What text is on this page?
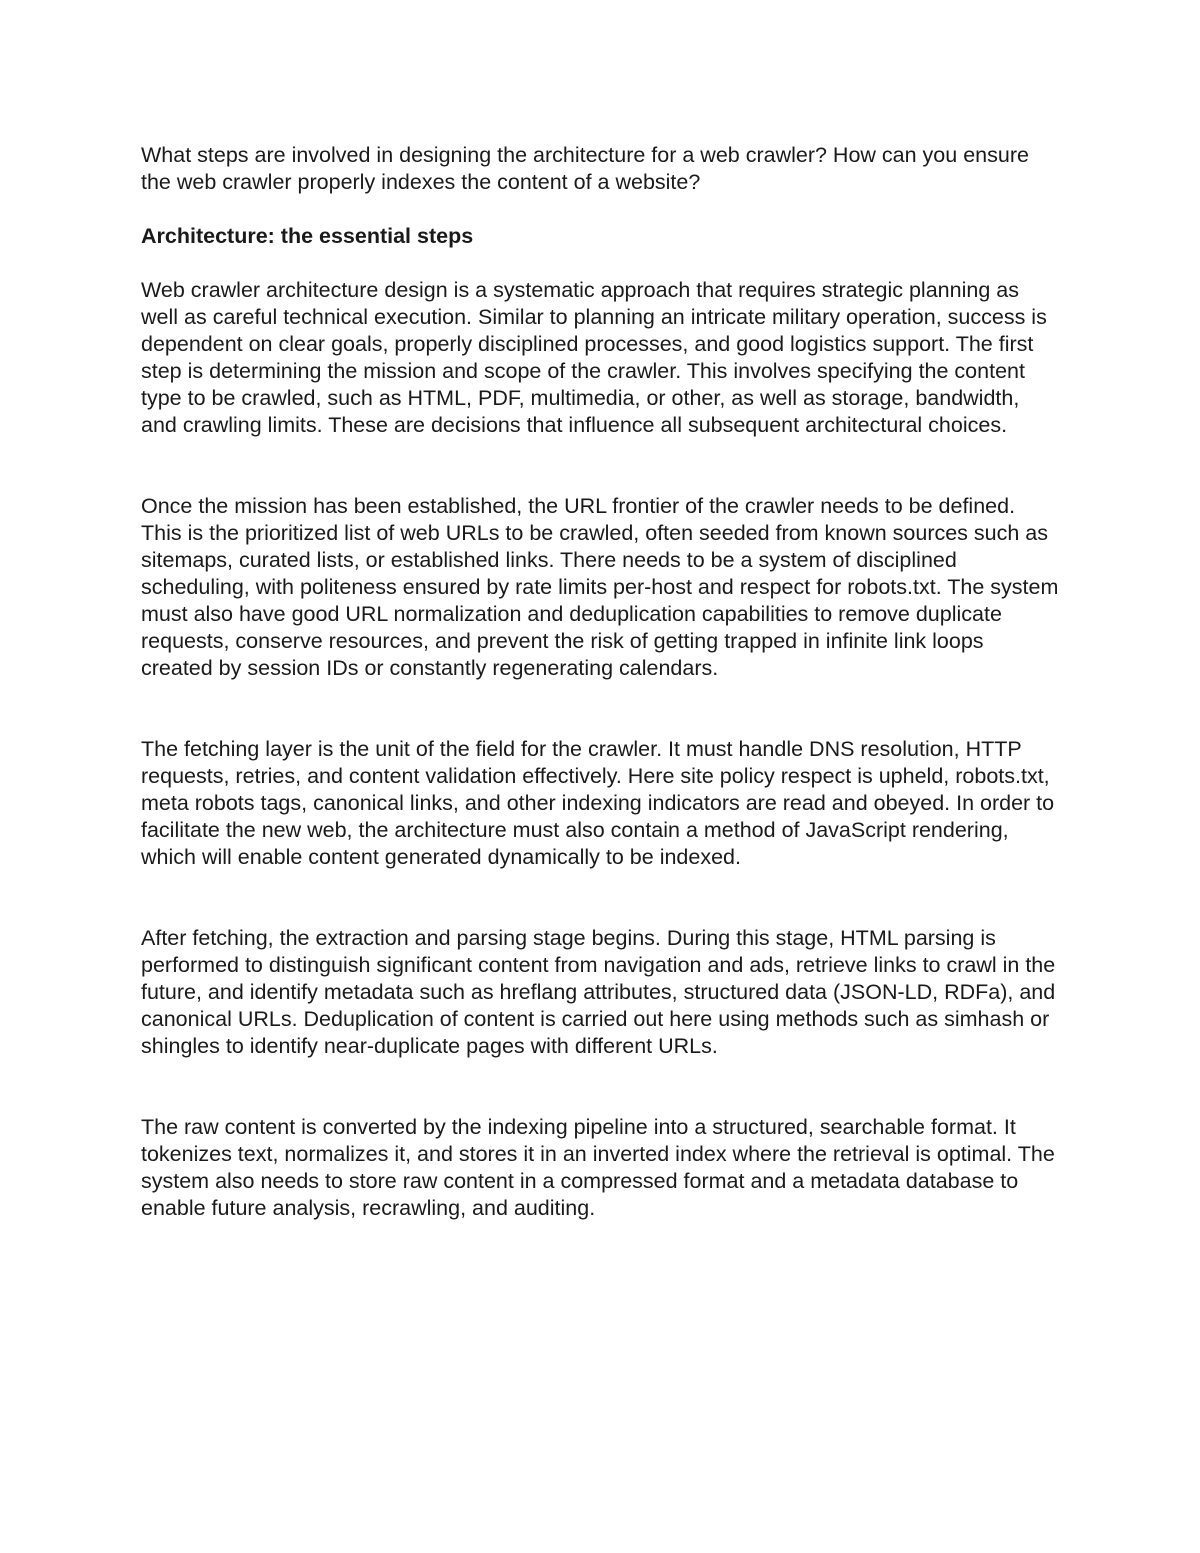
What steps are involved in designing the architecture for a web crawler? How can you ensure the web crawler properly indexes the content of a website?

Architecture: the essential steps

Web crawler architecture design is a systematic approach that requires strategic planning as well as careful technical execution. Similar to planning an intricate military operation, success is dependent on clear goals, properly disciplined processes, and good logistics support. The first step is determining the mission and scope of the crawler. This involves specifying the content type to be crawled, such as HTML, PDF, multimedia, or other, as well as storage, bandwidth, and crawling limits. These are decisions that influence all subsequent architectural choices.

Once the mission has been established, the URL frontier of the crawler needs to be defined. This is the prioritized list of web URLs to be crawled, often seeded from known sources such as sitemaps, curated lists, or established links. There needs to be a system of disciplined scheduling, with politeness ensured by rate limits per-host and respect for robots.txt. The system must also have good URL normalization and deduplication capabilities to remove duplicate requests, conserve resources, and prevent the risk of getting trapped in infinite link loops created by session IDs or constantly regenerating calendars.

The fetching layer is the unit of the field for the crawler. It must handle DNS resolution, HTTP requests, retries, and content validation effectively. Here site policy respect is upheld, robots.txt, meta robots tags, canonical links, and other indexing indicators are read and obeyed. In order to facilitate the new web, the architecture must also contain a method of JavaScript rendering, which will enable content generated dynamically to be indexed.

After fetching, the extraction and parsing stage begins. During this stage, HTML parsing is performed to distinguish significant content from navigation and ads, retrieve links to crawl in the future, and identify metadata such as hreflang attributes, structured data (JSON-LD, RDFa), and canonical URLs. Deduplication of content is carried out here using methods such as simhash or shingles to identify near-duplicate pages with different URLs.

The raw content is converted by the indexing pipeline into a structured, searchable format. It tokenizes text, normalizes it, and stores it in an inverted index where the retrieval is optimal. The system also needs to store raw content in a compressed format and a metadata database to enable future analysis, recrawling, and auditing.
